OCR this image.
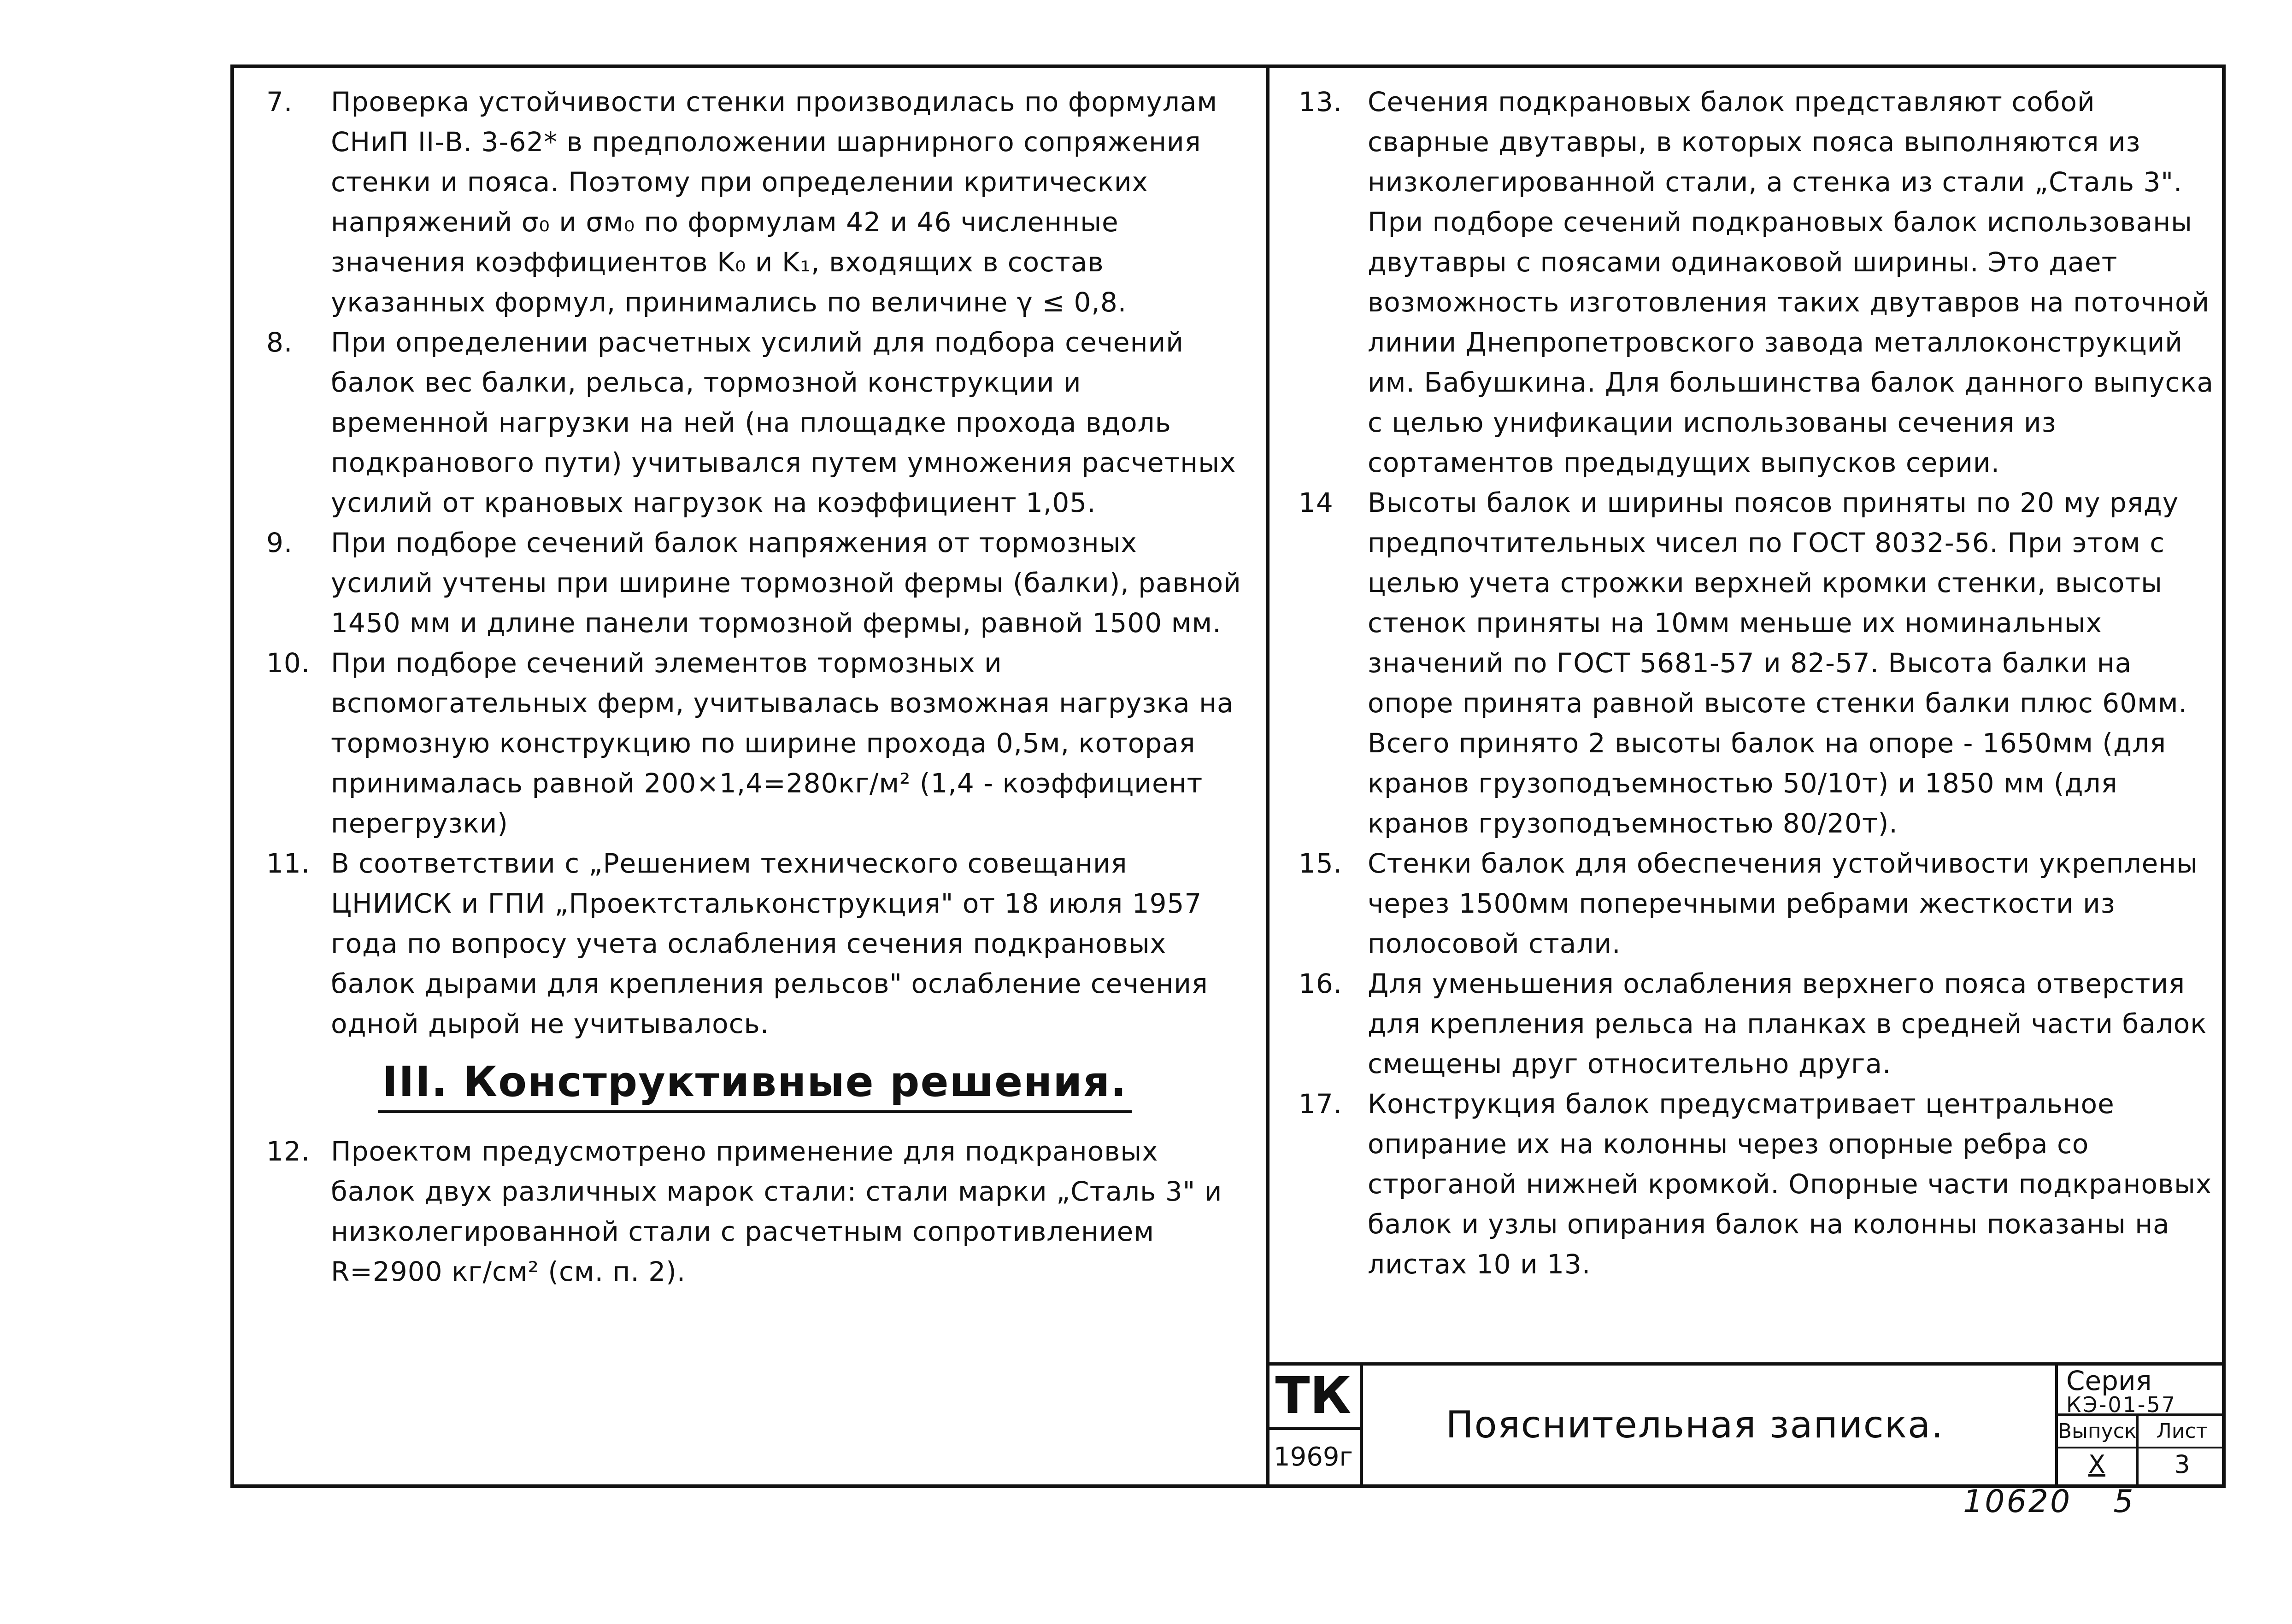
7.	Проверка устойчивости стенки производилась по формулам СНиП II-В. 3-62* в предположении шарнирного сопряжения стенки и пояса. Поэтому при определении критических напряжений σ₀ и σм₀ по формулам 42 и 46 численные значения коэффициентов K₀ и K₁, входящих в состав указанных формул, принимались по величине γ ≤ 0,8.
8.	При определении расчетных усилий для подбора сечений балок вес балки, рельса, тормозной конструкции и временной нагрузки на ней (на площадке прохода вдоль подкранового пути) учитывался путем умножения расчетных усилий от крановых нагрузок на коэффициент 1,05.
9.	При подборе сечений балок напряжения от тормозных усилий учтены при ширине тормозной фермы (балки), равной 1450 мм и длине панели тормозной фермы, равной 1500 мм.
10. При подборе сечений элементов тормозных и вспомогательных ферм, учитывалась возможная нагрузка на тормозную конструкцию по ширине прохода 0,5м, которая принималась равной 200×1,4=280кг/м² (1,4 - коэффициент перегрузки)
11. В соответствии с „Решением технического совещания ЦНИИСК и ГПИ „Проектстальконструкция" от 18 июля 1957 года по вопросу учета ослабления сечения подкрановых балок дырами для крепления рельсов" ослабление сечения одной дырой не учитывалось.
III. Конструктивные решения.
12. Проектом предусмотрено применение для подкрановых балок двух различных марок стали: стали марки „Сталь 3" и низколегированной стали с расчетным сопротивлением R=2900 кг/см² (см. п. 2).
13. Сечения подкрановых балок представляют собой сварные двутавры, в которых пояса выполняются из низколегированной стали, а стенка из стали „Сталь 3". При подборе сечений подкрановых балок использованы двутавры с поясами одинаковой ширины. Это дает возможность изготовления таких двутавров на поточной линии Днепропетровского завода металлоконструкций им. Бабушкина. Для большинства балок данного выпуска с целью унификации использованы сечения из сортаментов предыдущих выпусков серии.
14	Высоты балок и ширины поясов приняты по 20 му ряду предпочтительных чисел по ГОСТ 8032-56. При этом с целью учета строжки верхней кромки стенки, высоты стенок приняты на 10мм меньше их номинальных значений по ГОСТ 5681-57 и 82-57. Высота балки на опоре принята равной высоте стенки балки плюс 60мм. Всего принято 2 высоты балок на опоре - 1650мм (для кранов грузоподъемностью 50/10т) и 1850 мм (для кранов грузоподъемностью 80/20т).
15. Стенки балок для обеспечения устойчивости укреплены через 1500мм поперечными ребрами жесткости из полосовой стали.
16. Для уменьшения ослабления верхнего пояса отверстия для крепления рельса на планках в средней части балок смещены друг относительно друга.
17. Конструкция балок предусматривает центральное опирание их на колонны через опорные ребра со строганой нижней кромкой. Опорные части подкрановых балок и узлы опирания балок на колонны показаны на листах 10 и 13.
ТК
1969г
Пояснительная записка.
Серия
КЭ-01-57
Выпуск
X
Лист
3
10620 5
